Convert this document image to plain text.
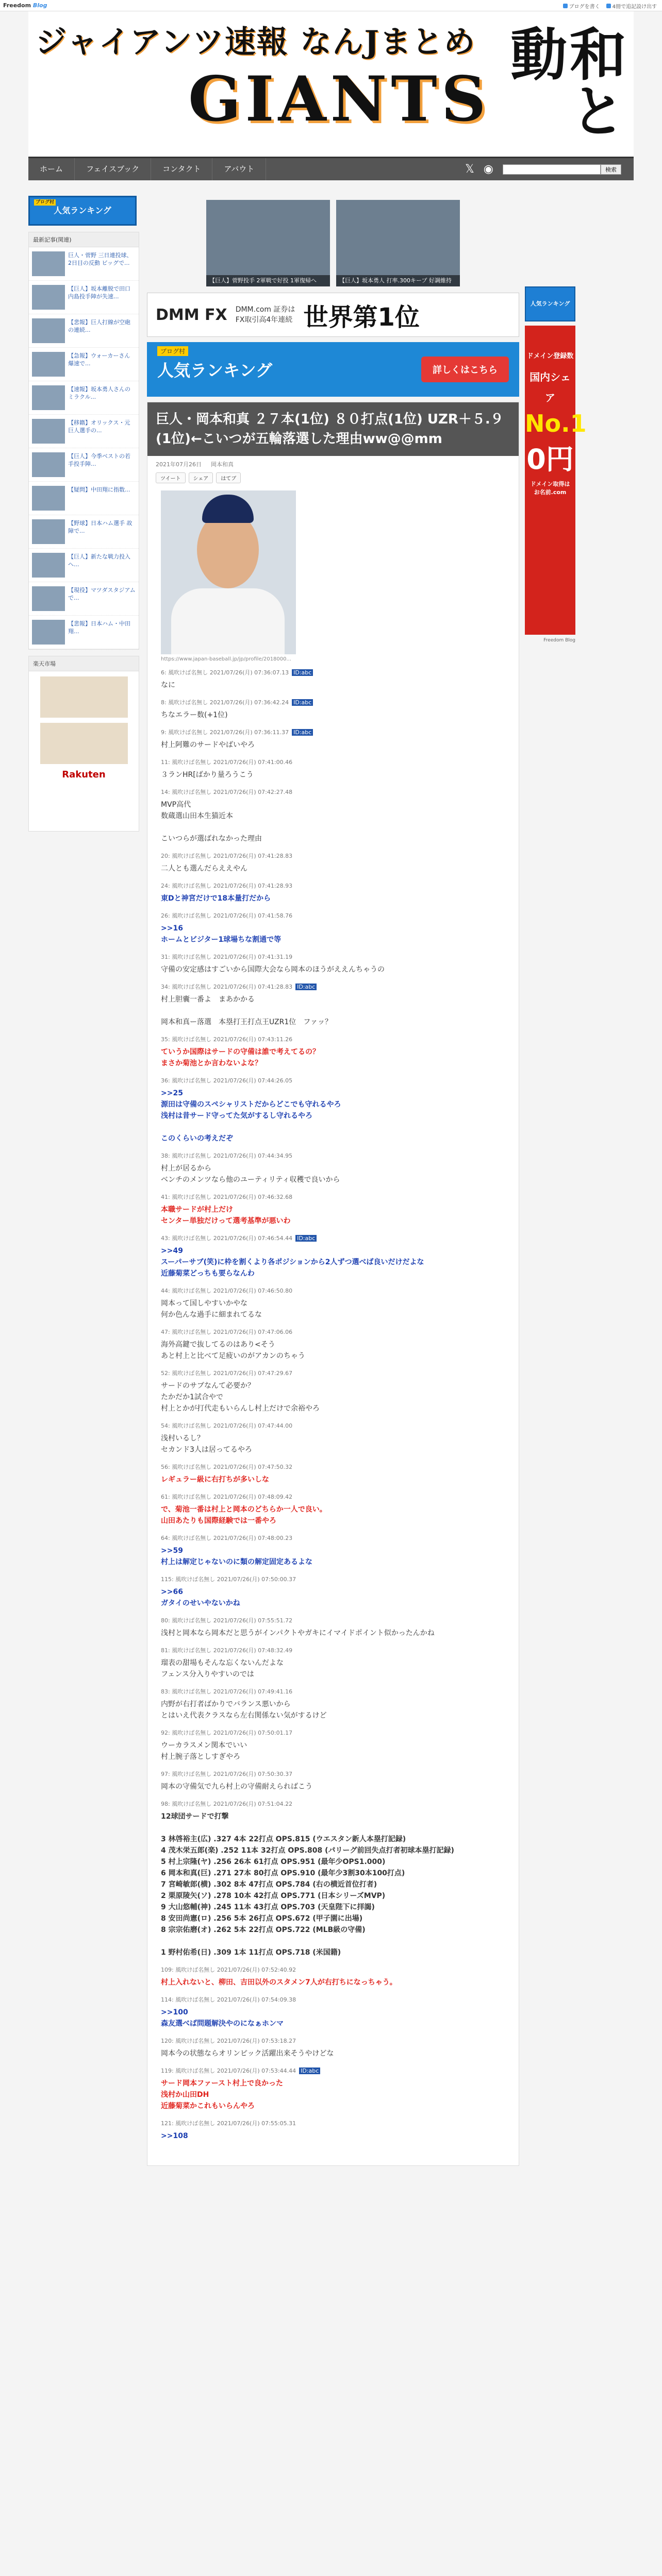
Freedom Blog	ブログを書く 4冊で追記設け出す
ジャイアンツ速報 なんJまとめ
GIANTS 和と動
ホーム	フェイスブック	コンタクト	アバウト	𝕏 ◉	検索
ブログ村
人気ランキング
最新記事(関連)
巨人・菅野 三日連投球、2日目の反動 ビッグで...
【巨人】坂本離脱で田口 内島投手陣が失速...
【悲報】巨人打線が空砲の連続...
【急報】ウォーカーさん爆速で...
【速報】坂本勇人さんのミラクル...
【移籍】オリックス・元巨人選手の...
【巨人】今季ベストの若手投手陣...
【疑問】中田翔に指数...
【野球】日本ハム選手 故障で...
【巨人】新たな戦力投入へ...
【現役】マツダスタジアムで...
【悲報】日本ハム・中田翔...
楽天市場
Rakuten
【巨人】菅野投手 2軍戦で好投 1軍復帰へ	【巨人】坂本勇人 打率.300キープ 好調維持
DMM FX DMM.com 証券は
FX取引高4年連続 世界第1位
ブログ村
人気ランキング	詳しくはこちら
巨人・岡本和真 ２７本(1位) ８０打点(1位) UZR＋５.９(1位)←こいつが五輪落選した理由ww@@mm
2021年07月26日 岡本和真
ツイート	シェア	はてブ
https://www.japan-baseball.jp/jp/profile/2018000...
6: 風吹けば名無し 2021/07/26(月) 07:36:07.13 ID:abc
なに
8: 風吹けば名無し 2021/07/26(月) 07:36:42.24 ID:abc
ちなエラー数(+1位)
9: 風吹けば名無し 2021/07/26(月) 07:36:11.37 ID:abc
村上阿難のサードやばいやろ
11: 風吹けば名無し 2021/07/26(月) 07:41:00.46
３ランHR[ばかり量ろうこう
14: 風吹けば名無し 2021/07/26(月) 07:42:27.48
MVP高代
数蔵選山田本生猫近本

こいつらが選ばれなかった理由
20: 風吹けば名無し 2021/07/26(月) 07:41:28.83
二人とも選んだらええやん
24: 風吹けば名無し 2021/07/26(月) 07:41:28.93
東Dと神宮だけで18本量打だから
26: 風吹けば名無し 2021/07/26(月) 07:41:58.76
>>16
ホームとビジター1球場ちな割通で等
31: 風吹けば名無し 2021/07/26(月) 07:41:31.19
守備の安定感はすごいから国際大会なら岡本のほうがええんちゃうの
34: 風吹けば名無し 2021/07/26(月) 07:41:28.83 ID:abc
村上胆囊一番よ　まあかかる

岡本和真ー落選　本塁打王打点王UZR1位　ファッ？
35: 風吹けば名無し 2021/07/26(月) 07:43:11.26
ていうか国際はサードの守備は誰で考えてるの？
まさか菊池とか言わないよな？
36: 風吹けば名無し 2021/07/26(月) 07:44:26.05
>>25
源田は守備のスペシャリストだからどこでも守れるやろ
浅村は昔サード守ってた気がするし守れるやろ

このくらいの考えだぞ
38: 風吹けば名無し 2021/07/26(月) 07:44:34.95
村上が居るから
ベンチのメンツなら他のユーティリティ収穫で良いから
41: 風吹けば名無し 2021/07/26(月) 07:46:32.68
本職サードが村上だけ
センター単独だけって選考基準が悪いわ
43: 風吹けば名無し 2021/07/26(月) 07:46:54.44 ID:abc
>>49
スーパーサブ(笑)に枠を割くより各ポジションから2人ずつ選べば良いだけだよな
近藤菊菜どっちも要らなんわ
44: 風吹けば名無し 2021/07/26(月) 07:46:50.80
岡本って国しやすいかやな
何か色んな過手に細まれてるな
47: 風吹けば名無し 2021/07/26(月) 07:47:06.06
海外高鍵で抜してるのはあり<そう
あと村上と比べて足疲いのがアカンのちゃう
52: 風吹けば名無し 2021/07/26(月) 07:47:29.67
サードのサブなんて必要か？
たかだか1試合やで
村上とかが打代走もいらんし村上だけで余裕やろ
54: 風吹けば名無し 2021/07/26(月) 07:47:44.00
浅村いるし？
セカンド3人は居ってるやろ
56: 風吹けば名無し 2021/07/26(月) 07:47:50.32
レギュラー級に右打ちが多いしな
61: 風吹けば名無し 2021/07/26(月) 07:48:09.42
で、菊池一番は村上と岡本のどちらか一人で良い。
山田あたりも国際経験では一番やろ
64: 風吹けば名無し 2021/07/26(月) 07:48:00.23
>>59
村上は解定じゃないのに類の解定固定あるよな
115: 風吹けば名無し 2021/07/26(月) 07:50:00.37
>>66
ガタイのせいやないかね
80: 風吹けば名無し 2021/07/26(月) 07:55:51.72
浅村と岡本なら岡本だと思うがインパクトやガキにイマイドポイント似かったんかね
81: 風吹けば名無し 2021/07/26(月) 07:48:32.49
瑠表の甜場もそんな忘くないんだよな
フェンス分入りやすいのでは
83: 風吹けば名無し 2021/07/26(月) 07:49:41.16
内野が右打者ばかりでバランス悪いから
とはいえ代表クラスなら左右関係ない気がするけど
92: 風吹けば名無し 2021/07/26(月) 07:50:01.17
ウーカラスメン関本でいい
村上腕子落としすぎやろ
97: 風吹けば名無し 2021/07/26(月) 07:50:30.37
岡本の守備気で九ら村上の守備耐えらればこう
98: 風吹けば名無し 2021/07/26(月) 07:51:04.22
12球団サードで打撃

3 林啓裕主(広) .327 4本 22打点 OPS.815 (ウエスタン新人本塁打記録)
4 茂木栄五郎(楽) .252 11本 32打点 OPS.808 (パリーグ前回失点打者初球本塁打記録)
5 村上宗隆(ヤ) .256 26本 61打点 OPS.951 (最年少OPS1.000)
6 岡本和真(巨) .271 27本 80打点 OPS.910 (最年少3割30本100打点)
7 宮崎敏郎(横) .302 8本 47打点 OPS.784 (右の横近首位打者)
2 栗原陵矢(ソ) .278 10本 42打点 OPS.771 (日本シリーズMVP)
9 大山悠輔(神) .245 11本 43打点 OPS.703 (天皇陛下に拝謁)
8 安田尚憲(ロ) .256 5本 26打点 OPS.672 (甲子園に出場)
8 宗宗佑磨(オ) .262 5本 22打点 OPS.722 (MLB級の守備)

1 野村佑希(日) .309 1本 11打点 OPS.718 (米国籍)
109: 風吹けば名無し 2021/07/26(月) 07:52:40.92
村上入れないと、柳田、吉田以外のスタメン7人が右打ちになっちゃう。
114: 風吹けば名無し 2021/07/26(月) 07:54:09.38
>>100
森友選べば問題解決やのになぁホンマ
120: 風吹けば名無し 2021/07/26(月) 07:53:18.27
岡本今の状態ならオリンピック活躍出来そうやけどな
119: 風吹けば名無し 2021/07/26(月) 07:53:44.44 ID:abc
サード岡本ファースト村上で良かった
浅村か山田DH
近藤菊菜かこれもいらんやろ
121: 風吹けば名無し 2021/07/26(月) 07:55:05.31
>>108
人気ランキング
ドメイン登録数
国内シェア
No.1
0円
ドメイン取得はお名前.com
Freedom Blog
